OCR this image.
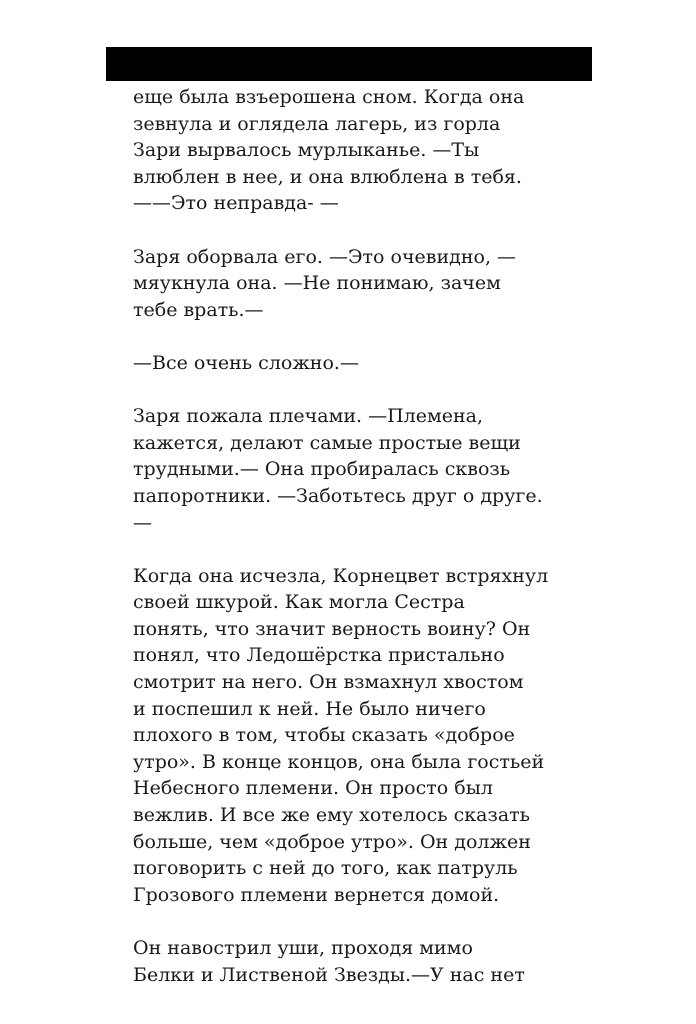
еще была взъерошена сном. Когда она
зевнула и оглядела лагерь, из горла
Зари вырвалось мурлыканье. —Ты
влюблен в нее, и она влюблена в тебя.
——Это неправда- —
Заря оборвала его. —Это очевидно, —
мяукнула она. —Не понимаю, зачем
тебе врать.—
—Все очень сложно.—
Заря пожала плечами. —Племена,
кажется, делают самые простые вещи
трудными.— Она пробиралась сквозь
папоротники. —Заботьтесь друг о друге.
—
Когда она исчезла, Корнецвет встряхнул
своей шкурой. Как могла Сестра
понять, что значит верность воину? Он
понял, что Ледошёрстка пристально
смотрит на него. Он взмахнул хвостом
и поспешил к ней. Не было ничего
плохого в том, чтобы сказать «доброе
утро». В конце концов, она была гостьей
Небесного племени. Он просто был
вежлив. И все же ему хотелось сказать
больше, чем «доброе утро». Он должен
поговорить с ней до того, как патруль
Грозового племени вернется домой.
Он навострил уши, проходя мимо
Белки и Лиственой Звезды.—У нас нет
